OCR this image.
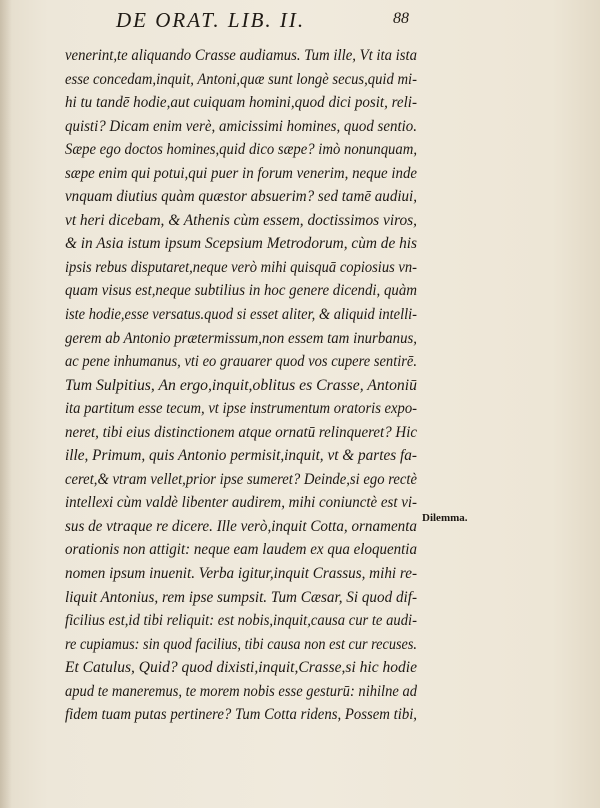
DE ORAT. LIB. II.	88
venerint,te aliquando Crasse audiamus. Tum ille, Vt ita ista
esse concedam,inquit, Antoni,quæ sunt longè secus,quid mi-
hi tu tandē hodie,aut cuiquam homini,quod dici posit, reli-
quisti? Dicam enim verè, amicissimi homines, quod sentio.
Sæpe ego doctos homines,quid dico sæpe? imò nonunquam,
sæpe enim qui potui,qui puer in forum venerim, neque inde
vnquam diutius quàm quæstor absuerim? sed tamē audiui,
vt heri dicebam, & Athenis cùm essem, doctissimos viros,
& in Asia istum ipsum Scepsium Metrodorum, cùm de his
ipsis rebus disputaret,neque verò mihi quisquā copiosius vn-
quam visus est,neque subtilius in hoc genere dicendi, quàm
iste hodie,esse versatus.quod si esset aliter, & aliquid intelli-
gerem ab Antonio prætermissum,non essem tam inurbanus,
ac pene inhumanus, vti eo grauarer quod vos cupere sentirē.
Tum Sulpitius, An ergo,inquit,oblitus es Crasse, Antoniū
ita partitum esse tecum, vt ipse instrumentum oratoris expo-
neret, tibi eius distinctionem atque ornatū relinqueret? Hic
ille, Primum, quis Antonio permisit,inquit, vt & partes fa-
ceret,& vtram vellet,prior ipse sumeret? Deinde,si ego rectè
intellexi cùm valdè libenter audirem, mihi coniunctè est vi-
sus de vtraque re dicere. Ille verò,inquit Cotta, ornamenta
orationis non attigit: neque eam laudem ex qua eloquentia
nomen ipsum inuenit. Verba igitur,inquit Crassus, mihi re-
liquit Antonius, rem ipse sumpsit. Tum Cæsar, Si quod dif-
ficilius est,id tibi reliquit: est nobis,inquit,causa cur te audi-
re cupiamus: sin quod facilius, tibi causa non est cur recuses.
Et Catulus, Quid? quod dixisti,inquit,Crasse,si hic hodie
apud te maneremus, te morem nobis esse gesturū: nihilne ad
fidem tuam putas pertinere? Tum Cotta ridens, Possem tibi,
Dilemma.
